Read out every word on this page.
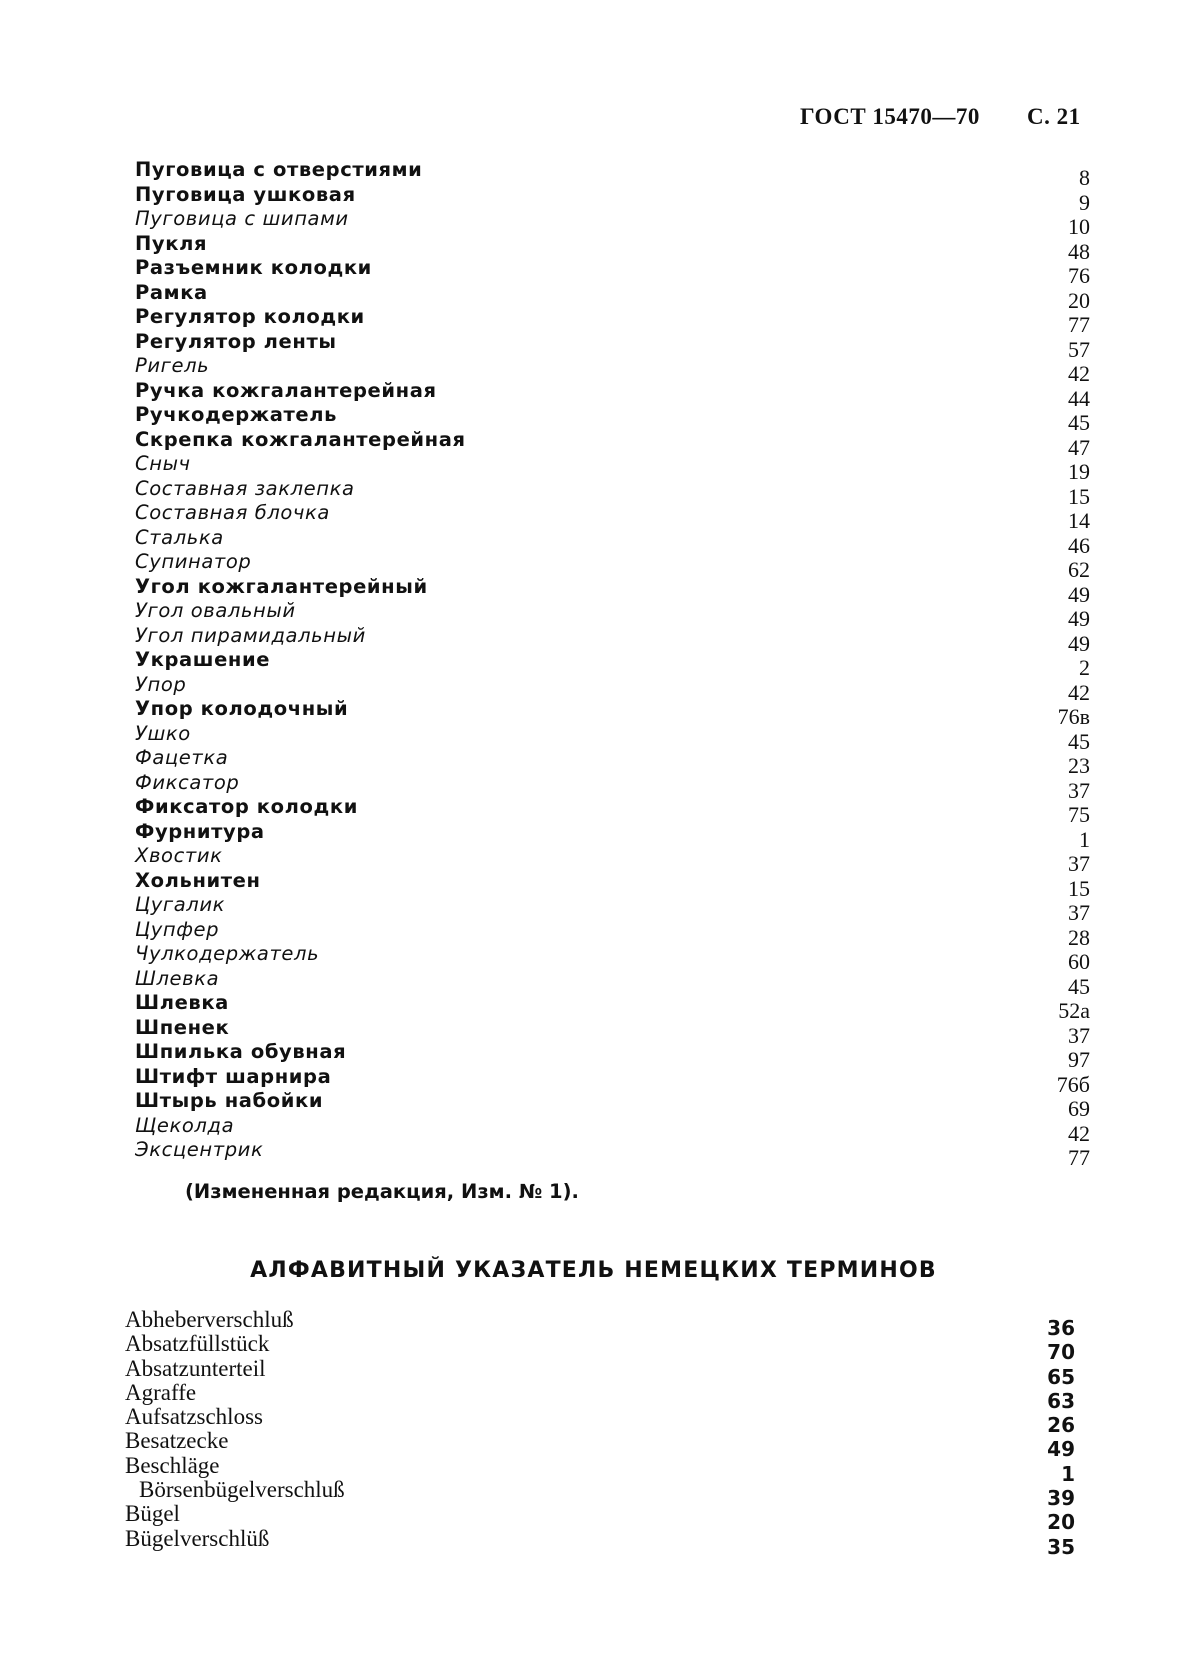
ГОСТ 15470—70 С. 21
Пуговица с отверстиями	8
Пуговица ушковая	9
Пуговица с шипами	10
Пукля	48
Разъемник колодки	76
Рамка	20
Регулятор колодки	77
Регулятор ленты	57
Ригель	42
Ручка кожгалантерейная	44
Ручкодержатель	45
Скрепка кожгалантерейная	47
Сныч	19
Составная заклепка	15
Составная блочка	14
Сталька	46
Супинатор	62
Угол кожгалантерейный	49
Угол овальный	49
Угол пирамидальный	49
Украшение	2
Упор	42
Упор колодочный	76в
Ушко	45
Фацетка	23
Фиксатор	37
Фиксатор колодки	75
Фурнитура	1
Хвостик	37
Хольнитен	15
Цугалик	37
Цупфер	28
Чулкодержатель	60
Шлевка	45
Шлевка	52а
Шпенек	37
Шпилька обувная	97
Штифт шарнира	76б
Штырь набойки	69
Щеколда	42
Эксцентрик	77
(Измененная редакция, Изм. № 1).
АЛФАВИТНЫЙ УКАЗАТЕЛЬ НЕМЕЦКИХ ТЕРМИНОВ
Abheberverschluß	36
Absatzfüllstück	70
Absatzunterteil	65
Agraffe	63
Aufsatzschloss	26
Besatzecke	49
Beschläge	1
Börsenbügelverschluß	39
Bügel	20
Bügelverschlüß	35
